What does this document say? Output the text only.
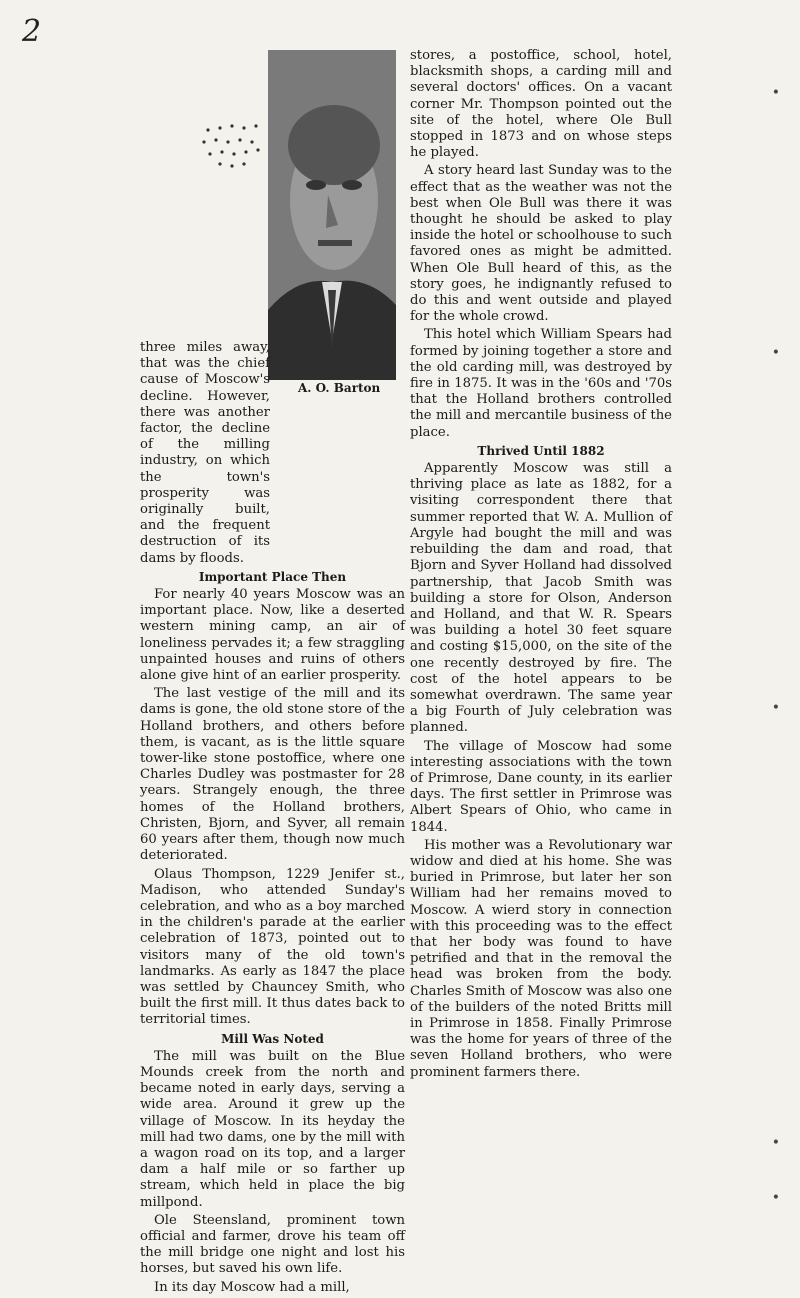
2
A. O. Barton

three miles away, that was the chief cause of Moscow's decline. However, there was another factor, the decline of the milling industry, on which the town's prosperity was originally built, and the frequent destruction of its dams by floods.

Important Place Then

For nearly 40 years Moscow was an important place. Now, like a deserted western mining camp, an air of loneliness pervades it; a few straggling unpainted houses and ruins of others alone give hint of an earlier prosperity.

The last vestige of the mill and its dams is gone, the old stone store of the Holland brothers, and others before them, is vacant, as is the little square tower-like stone postoffice, where one Charles Dudley was postmaster for 28 years. Strangely enough, the three homes of the Holland brothers, Christen, Bjorn, and Syver, all remain 60 years after them, though now much deteriorated.

Olaus Thompson, 1229 Jenifer st., Madison, who attended Sunday's celebration, and who as a boy marched in the children's parade at the earlier celebration of 1873, pointed out to visitors many of the old town's landmarks. As early as 1847 the place was settled by Chauncey Smith, who built the first mill. It thus dates back to territorial times.

Mill Was Noted

The mill was built on the Blue Mounds creek from the north and became noted in early days, serving a wide area. Around it grew up the village of Moscow. In its heyday the mill had two dams, one by the mill with a wagon road on its top, and a larger dam a half mile or so farther up stream, which held in place the big millpond.

Ole Steensland, prominent town official and farmer, drove his team off the mill bridge one night and lost his horses, but saved his own life.

In its day Moscow had a mill,

stores, a postoffice, school, hotel, blacksmith shops, a carding mill and several doctors' offices. On a vacant corner Mr. Thompson pointed out the site of the hotel, where Ole Bull stopped in 1873 and on whose steps he played.

A story heard last Sunday was to the effect that as the weather was not the best when Ole Bull was there it was thought he should be asked to play inside the hotel or schoolhouse to such favored ones as might be admitted. When Ole Bull heard of this, as the story goes, he indignantly refused to do this and went outside and played for the whole crowd.

This hotel which William Spears had formed by joining together a store and the old carding mill, was destroyed by fire in 1875. It was in the '60s and '70s that the Holland brothers controlled the mill and mercantile business of the place.

Thrived Until 1882

Apparently Moscow was still a thriving place as late as 1882, for a visiting correspondent there that summer reported that W. A. Mullion of Argyle had bought the mill and was rebuilding the dam and road, that Bjorn and Syver Holland had dissolved partnership, that Jacob Smith was building a store for Olson, Anderson and Holland, and that W. R. Spears was building a hotel 30 feet square and costing $15,000, on the site of the one recently destroyed by fire. The cost of the hotel appears to be somewhat overdrawn. The same year a big Fourth of July celebration was planned.

The village of Moscow had some interesting associations with the town of Primrose, Dane county, in its earlier days. The first settler in Primrose was Albert Spears of Ohio, who came in 1844.

His mother was a Revolutionary war widow and died at his home. She was buried in Primrose, but later her son William had her remains moved to Moscow. A wierd story in connection with this proceeding was to the effect that her body was found to have petrified and that in the removal the head was broken from the body. Charles Smith of Moscow was also one of the builders of the noted Britts mill in Primrose in 1858. Finally Primrose was the home for years of three of the seven Holland brothers, who were prominent farmers there.

•
•
•
•
•
